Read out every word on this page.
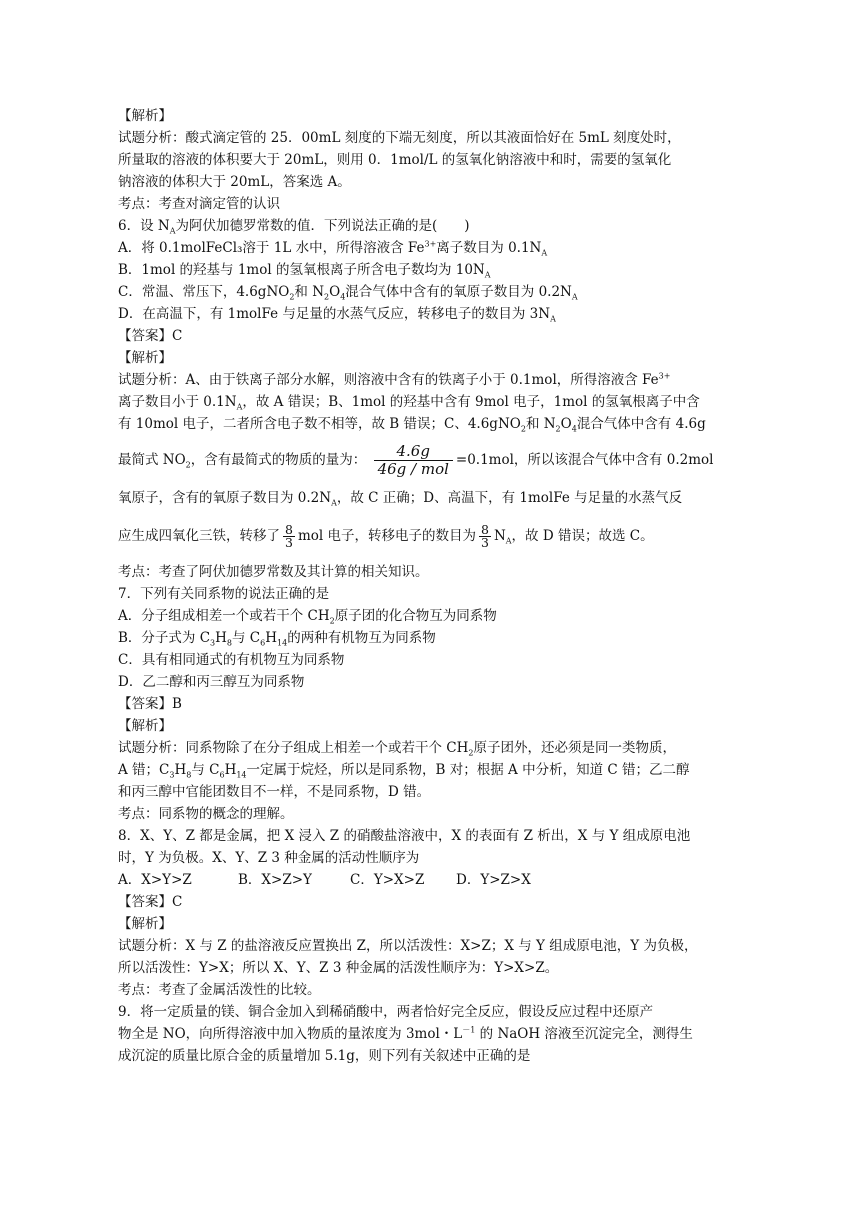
【解析】
试题分析：酸式滴定管的 25．00mL 刻度的下端无刻度，所以其液面恰好在 5mL 刻度处时，
所量取的溶液的体积要大于 20mL，则用 0．1mol/L 的氢氧化钠溶液中和时，需要的氢氧化
钠溶液的体积大于 20mL，答案选 A。
考点：考查对滴定管的认识
6．设 $N_A$为阿伏加德罗常数的值．下列说法正确的是(　　)
A．将 0.1molFeCl₃溶于 1L 水中，所得溶液含 $Fe^{3+}$离子数目为 $0.1N_A$
B．1mol 的羟基与 1mol 的氢氧根离子所含电子数均为 $10N_A$
C．常温、常压下，4.6gNO$_2$和 $N_2O_4$混合气体中含有的氧原子数目为 $0.2N_A$
D．在高温下，有 1molFe 与足量的水蒸气反应，转移电子的数目为 $3N_A$
【答案】C
【解析】
试题分析：A、由于铁离子部分水解，则溶液中含有的铁离子小于 0.1mol，所得溶液含 $Fe^{3+}$
离子数目小于 $0.1N_A$，故 A 错误；B、1mol 的羟基中含有 9mol 电子，1mol 的氢氧根离子中含
有 10mol 电子，二者所含电子数不相等，故 B 错误；C、4.6gNO$_2$和 $N_2O_4$混合气体中含有 4.6g
最简式 $NO_2$，含有最简式的物质的量为： $\frac{4.6g}{\text{46g / mol}} =0.1mol$，所以该混合气体中含有 0.2mol
氧原子，含有的氧原子数目为 $0.2N_A$，故 C 正确；D、高温下，有 1molFe 与足量的水蒸气反
应生成四氧化三铁，转移了 $\frac{8}{3}$ mol 电子，转移电子的数目为 $\frac{8}{3} N_A$，故 D 错误；故选 C。
考点：考查了阿伏加德罗常数及其计算的相关知识。
7．下列有关同系物的说法正确的是
A．分子组成相差一个或若干个 $CH_2$原子团的化合物互为同系物
B．分子式为 $C_3H_8$与 $C_6H_{14}$的两种有机物互为同系物
C．具有相同通式的有机物互为同系物
D．乙二醇和丙三醇互为同系物
【答案】B
【解析】
试题分析：同系物除了在分子组成上相差一个或若干个 $CH_2$原子团外，还必须是同一类物质，
A 错；$C_3H_8$与 $C_6H_{14}$一定属于烷烃，所以是同系物，B 对；根据 A 中分析，知道 C 错；乙二醇
和丙三醇中官能团数目不一样，不是同系物，D 错。
考点：同系物的概念的理解。
8．X、Y、Z 都是金属，把 X 浸入 Z 的硝酸盐溶液中，X 的表面有 Z 析出，X 与 Y 组成原电池
时，Y 为负极。X、Y、Z 3 种金属的活动性顺序为
A．X>Y>Z	B．X>Z>Y	C．Y>X>Z D．Y>Z>X
【答案】C
【解析】
试题分析：X 与 Z 的盐溶液反应置换出 Z，所以活泼性：X>Z；X 与 Y 组成原电池，Y 为负极，
所以活泼性：Y>X；所以 X、Y、Z 3 种金属的活泼性顺序为：Y>X>Z。
考点：考查了金属活泼性的比较。
9．将一定质量的镁、铜合金加入到稀硝酸中，两者恰好完全反应，假设反应过程中还原产
物全是 NO，向所得溶液中加入物质的量浓度为 3mol・$L^{-1}$ 的 NaOH 溶液至沉淀完全，测得生
成沉淀的质量比原合金的质量增加 5.1g，则下列有关叙述中正确的是
